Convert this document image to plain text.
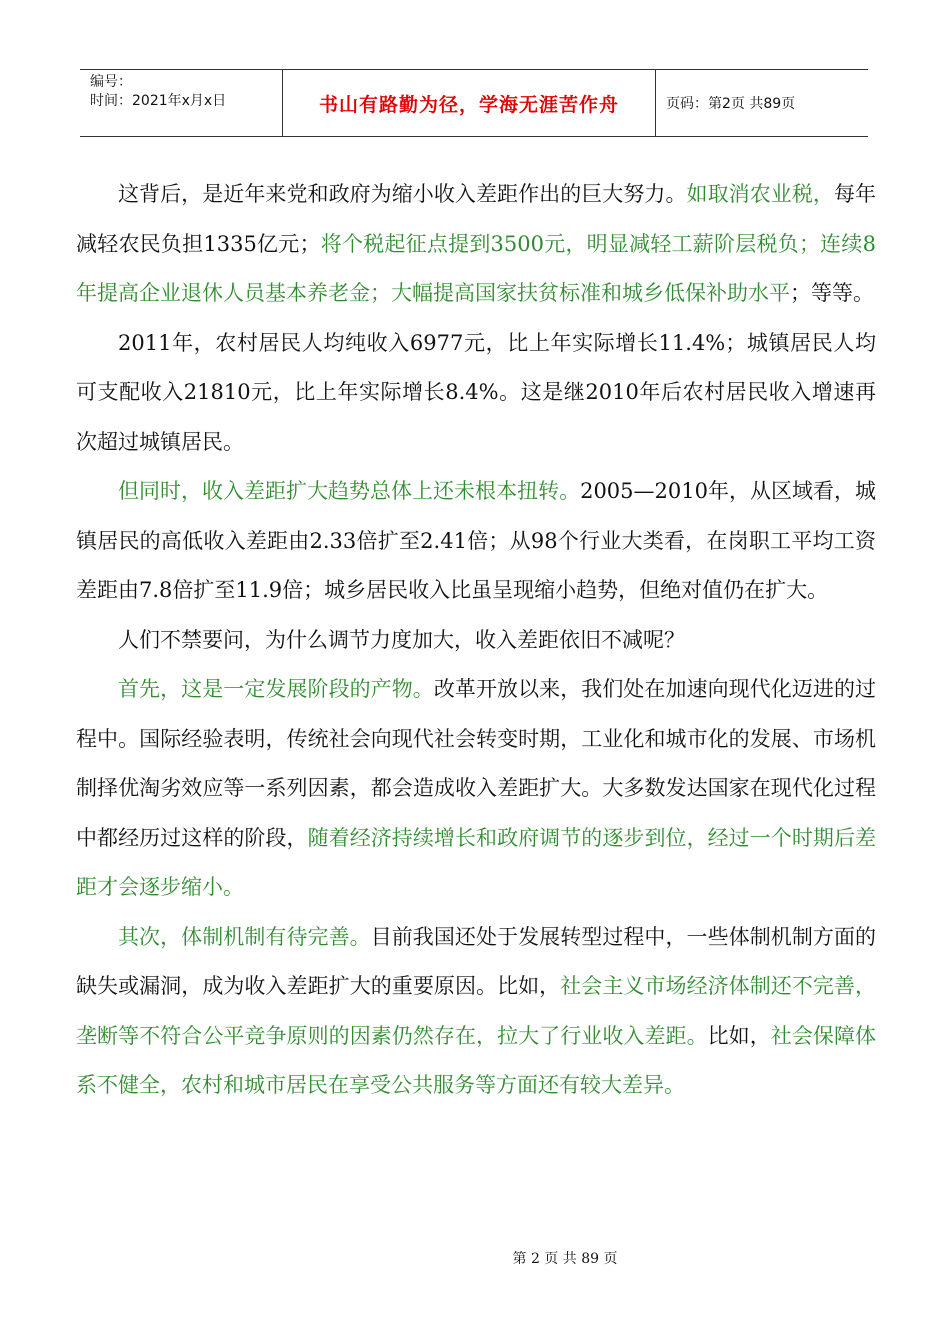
编号：
时间：2021年x月x日	书山有路勤为径，学海无涯苦作舟	页码：第2页 共89页

这背后，是近年来党和政府为缩小收入差距作出的巨大努力。如取消农业税，每年减轻农民负担1335亿元；将个税起征点提到3500元，明显减轻工薪阶层税负；连续8年提高企业退休人员基本养老金；大幅提高国家扶贫标准和城乡低保补助水平；等等。

2011年，农村居民人均纯收入6977元，比上年实际增长11.4%；城镇居民人均可支配收入21810元，比上年实际增长8.4%。这是继2010年后农村居民收入增速再次超过城镇居民。

但同时，收入差距扩大趋势总体上还未根本扭转。2005—2010年，从区域看，城镇居民的高低收入差距由2.33倍扩至2.41倍；从98个行业大类看，在岗职工平均工资差距由7.8倍扩至11.9倍；城乡居民收入比虽呈现缩小趋势，但绝对值仍在扩大。

人们不禁要问，为什么调节力度加大，收入差距依旧不减呢？

首先，这是一定发展阶段的产物。改革开放以来，我们处在加速向现代化迈进的过程中。国际经验表明，传统社会向现代社会转变时期，工业化和城市化的发展、市场机制择优淘劣效应等一系列因素，都会造成收入差距扩大。大多数发达国家在现代化过程中都经历过这样的阶段，随着经济持续增长和政府调节的逐步到位，经过一个时期后差距才会逐步缩小。

其次，体制机制有待完善。目前我国还处于发展转型过程中，一些体制机制方面的缺失或漏洞，成为收入差距扩大的重要原因。比如，社会主义市场经济体制还不完善，垄断等不符合公平竞争原则的因素仍然存在，拉大了行业收入差距。比如，社会保障体系不健全，农村和城市居民在享受公共服务等方面还有较大差异。

第 2 页 共 89 页
